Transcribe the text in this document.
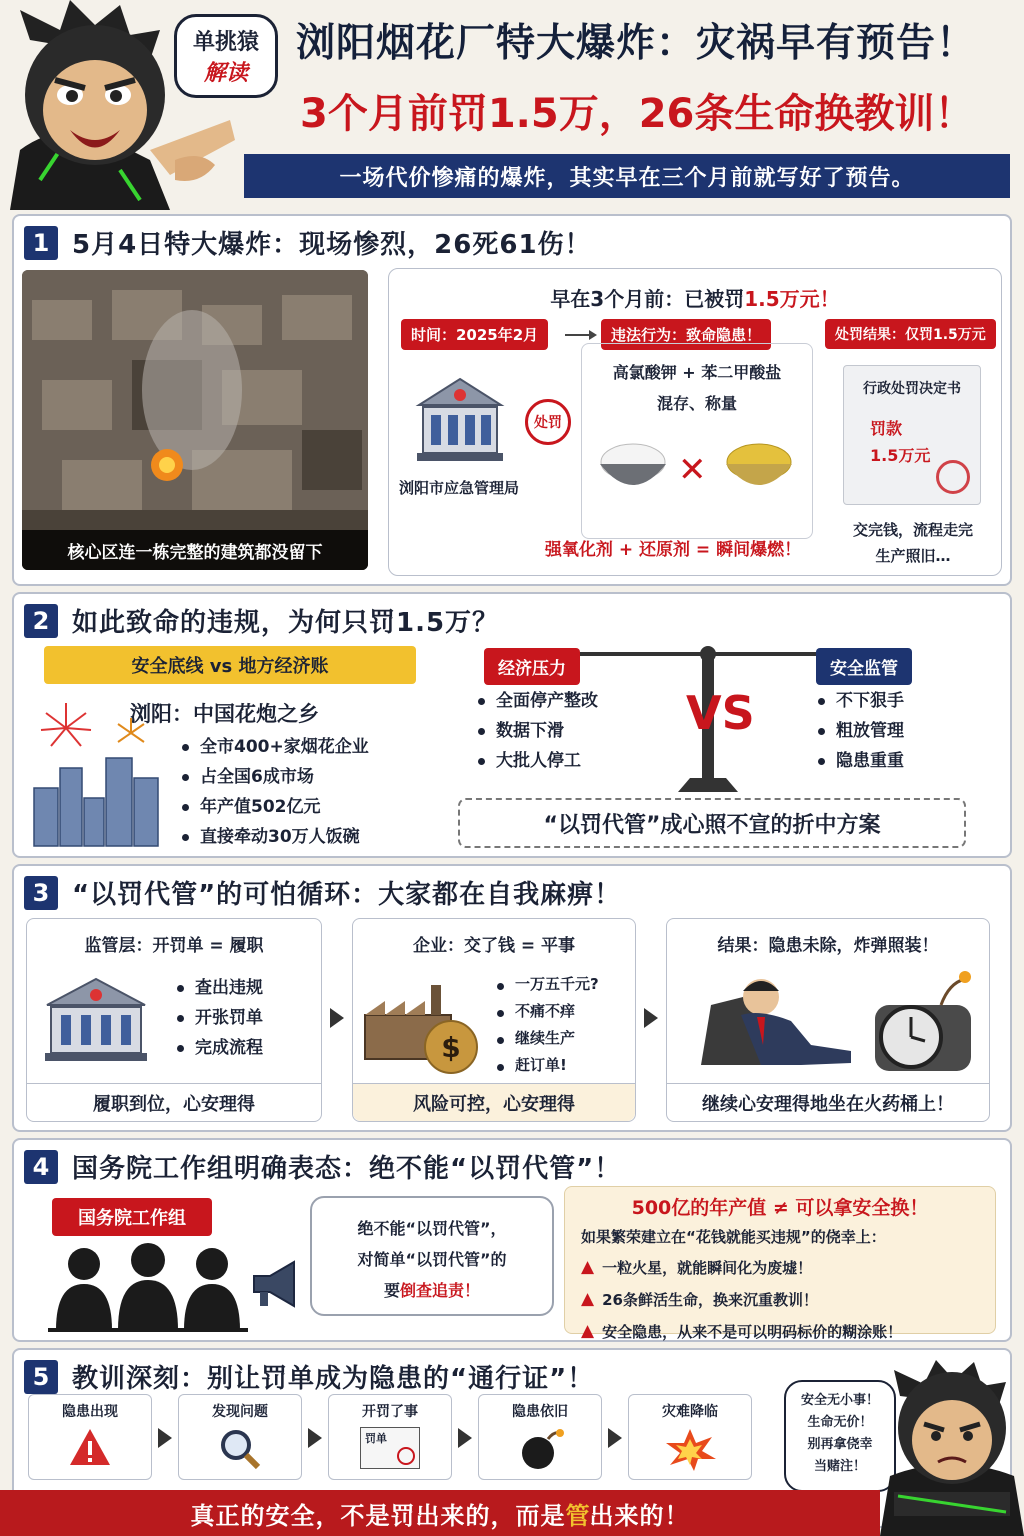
单挑猿
解读
浏阳烟花厂特大爆炸：灾祸早有预告！
3个月前罚1.5万，26条生命换教训！
一场代价惨痛的爆炸，其实早在三个月前就写好了预告。
1 5月4日特大爆炸：现场惨烈，26死61伤！
核心区连一栋完整的建筑都没留下
早在3个月前：已被罚1.5万元！
时间：2025年2月	违法行为：致命隐患！	处罚结果：仅罚1.5万元
浏阳市应急管理局
处罚
高氯酸钾 + 苯二甲酸盐
混存、称量
✕
强氧化剂 + 还原剂 = 瞬间爆燃！
行政处罚决定书
罚款
1.5万元
交完钱，流程走完
生产照旧…
2 如此致命的违规，为何只罚1.5万？
安全底线 vs 地方经济账
浏阳：中国花炮之乡
全市400+家烟花企业
占全国6成市场
年产值502亿元
直接牵动30万人饭碗
经济压力
全面停产整改
数据下滑
大批人停工
VS
安全监管
不下狠手
粗放管理
隐患重重
“以罚代管”成心照不宣的折中方案
3 “以罚代管”的可怕循环：大家都在自我麻痹！
监管层：开罚单 = 履职
查出违规
开张罚单
完成流程
履职到位，心安理得
企业：交了钱 = 平事
$
一万五千元?
不痛不痒
继续生产
赶订单!
风险可控，心安理得
结果：隐患未除，炸弹照装！
继续心安理得地坐在火药桶上！
4 国务院工作组明确表态：绝不能“以罚代管”！
国务院工作组	绝不能“以罚代管”，
对简单“以罚代管”的
要倒查追责！
500亿的年产值 ≠ 可以拿安全换！
如果繁荣建立在“花钱就能买违规”的侥幸上：
▲ 一粒火星，就能瞬间化为废墟！
▲ 26条鲜活生命，换来沉重教训！
▲ 安全隐患，从来不是可以明码标价的糊涂账！
5 教训深刻：别让罚单成为隐患的“通行证”！
隐患出现	发现问题	开罚了事
罚单
隐患依旧	灾难降临
安全无小事！
生命无价！
别再拿侥幸
当赌注！
真正的安全，不是罚出来的，而是 管 出来的！
